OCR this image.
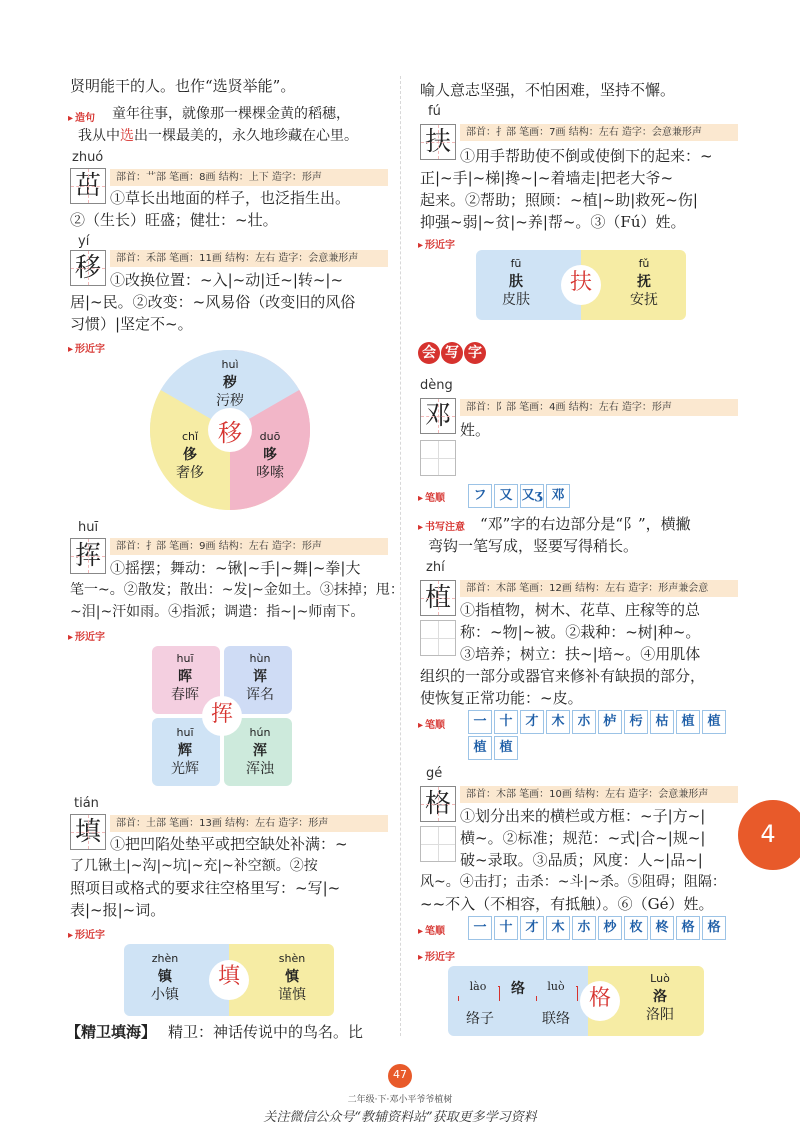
贤明能干的人。也作“选贤举能”。
▸ 造句 童年往事，就像那一棵棵金黄的稻穗，
我从中选出一棵最美的，永久地珍藏在心里。
zhuó
茁	部首：艹部 笔画：8画 结构：上下 造字：形声
①草长出地面的样子，也泛指生出。
②（生长）旺盛；健壮：~壮。
yí
移	部首：禾部 笔画：11画 结构：左右 造字：会意兼形声
①改换位置：~入|~动|迁~|转~|~
居|~民。②改变：~风易俗（改变旧的风俗
习惯）|坚定不~。
▸ 形近字
移
huì
秽
污秽
chǐ
侈
奢侈
duō
哆
哆嗦
huī
挥	部首：扌部 笔画：9画 结构：左右 造字：形声
①摇摆；舞动：~锹|~手|~舞|~拳|大
笔一~。②散发；散出：~发|~金如土。③抹掉；甩：
~泪|~汗如雨。④指派；调遣：指~|~师南下。
▸ 形近字
挥
huī
晖
春晖
hùn
诨
诨名
huī
辉
光辉
hún
浑
浑浊
tián
填	部首：土部 笔画：13画 结构：左右 造字：形声
①把凹陷处垫平或把空缺处补满：~
了几锹土|~沟|~坑|~充|~补空额。②按
照项目或格式的要求往空格里写：~写|~
表|~报|~词。
▸ 形近字
填
zhèn
镇
小镇
shèn
慎
谨慎
【精卫填海】 精卫：神话传说中的鸟名。比
喻人意志坚强，不怕困难，坚持不懈。
fú
扶	部首：扌部 笔画：7画 结构：左右 造字：会意兼形声
①用手帮助使不倒或使倒下的起来：~
正|~手|~梯|搀~|~着墙走|把老大爷~
起来。②帮助；照顾：~植|~助|救死~伤|
抑强~弱|~贫|~养|帮~。③（Fú）姓。
▸ 形近字
扶
fū
肤
皮肤
fǔ
抚
安抚
会 写 字
dèng
邓	部首：阝部 笔画：4画 结构：左右 造字：形声
姓。
▸ 笔顺	フ 又 又ʒ 邓
▸ 书写注意 “邓”字的右边部分是“阝”，横撇
弯钩一笔写成，竖要写得稍长。
zhí
植	部首：木部 笔画：12画 结构：左右 造字：形声兼会意
①指植物，树木、花草、庄稼等的总
称：~物|~被。②栽种：~树|种~。
③培养；树立：扶~|培~。④用肌体
组织的一部分或器官来修补有缺损的部分，
使恢复正常功能：~皮。
▸ 笔顺	一 十 才 木 朩 栌 杇 枯 植 植
植 植
gé
格	部首：木部 笔画：10画 结构：左右 造字：会意兼形声
①划分出来的横栏或方框：~子|方~|
横~。②标准；规范：~式|合~|规~|
破~录取。③品质；风度：人~|品~|
风~。④击打；击杀：~斗|~杀。⑤阻碍；阻隔：
~~不入（不相容，有抵触）。⑥（Gé）姓。
▸ 笔顺	一 十 才 木 朩 杪 枚 柊 格 格
▸ 形近字
格
lào	络	luò
络子	联络
Luò
洛
洛阳
4
47
二年级·下·邓小平爷爷植树
关注微信公众号“教辅资料站”获取更多学习资料
